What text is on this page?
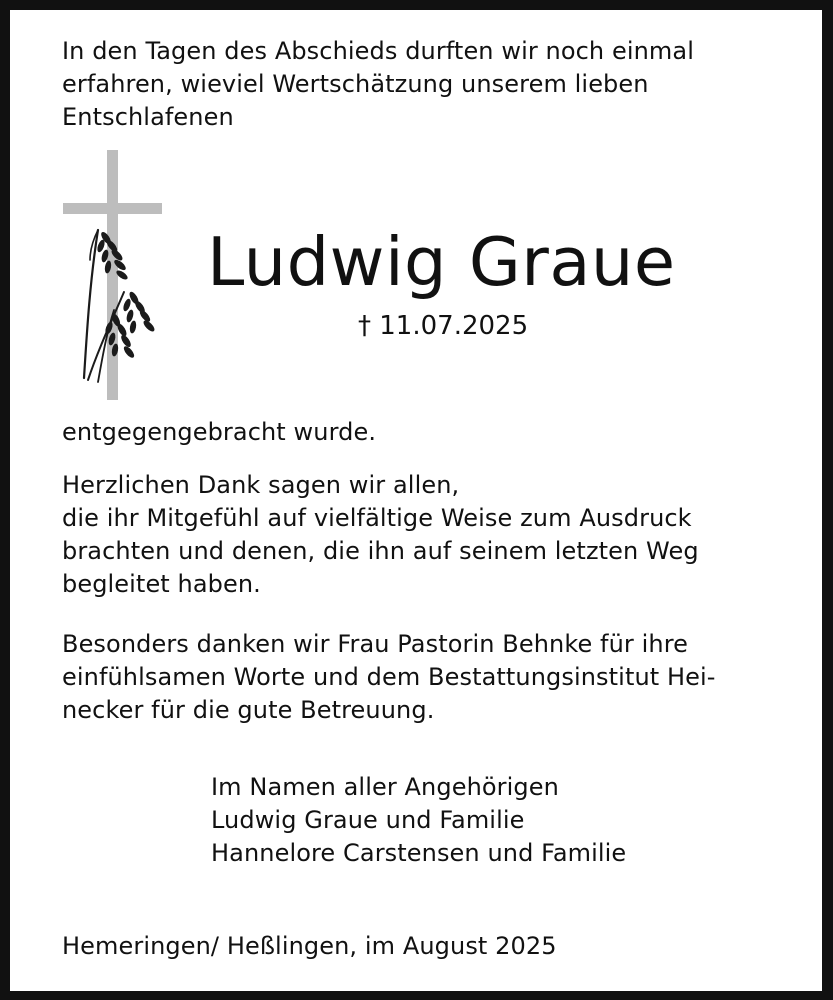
In den Tagen des Abschieds durften wir noch einmal
erfahren, wieviel Wertschätzung unserem lieben
Entschlafenen
Ludwig Graue
† 11.07.2025
entgegengebracht wurde.
Herzlichen Dank sagen wir allen,
die ihr Mitgefühl auf vielfältige Weise zum Ausdruck
brachten und denen, die ihn auf seinem letzten Weg
begleitet haben.
Besonders danken wir Frau Pastorin Behnke für ihre
einfühlsamen Worte und dem Bestattungsinstitut Hei-
necker für die gute Betreuung.
Im Namen aller Angehörigen
Ludwig Graue und Familie
Hannelore Carstensen und Familie
Hemeringen/ Heßlingen, im August 2025
